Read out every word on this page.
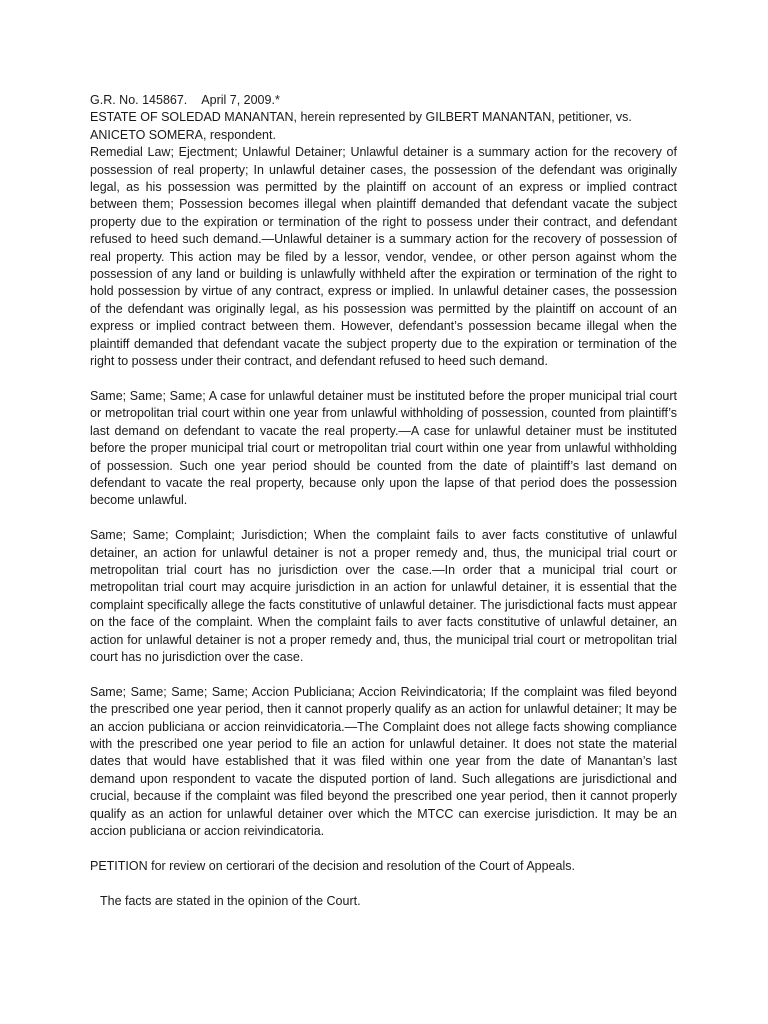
G.R. No. 145867. April 7, 2009.*

ESTATE OF SOLEDAD MANANTAN, herein represented by GILBERT MANANTAN, petitioner, vs. ANICETO SOMERA, respondent.

Remedial Law; Ejectment; Unlawful Detainer; Unlawful detainer is a summary action for the recovery of possession of real property; In unlawful detainer cases, the possession of the defendant was originally legal, as his possession was permitted by the plaintiff on account of an express or implied contract between them; Possession becomes illegal when plaintiff demanded that defendant vacate the subject property due to the expiration or termination of the right to possess under their contract, and defendant refused to heed such demand.—Unlawful detainer is a summary action for the recovery of possession of real property. This action may be filed by a lessor, vendor, vendee, or other person against whom the possession of any land or building is unlawfully withheld after the expiration or termination of the right to hold possession by virtue of any contract, express or implied. In unlawful detainer cases, the possession of the defendant was originally legal, as his possession was permitted by the plaintiff on account of an express or implied contract between them. However, defendant’s possession became illegal when the plaintiff demanded that defendant vacate the subject property due to the expiration or termination of the right to possess under their contract, and defendant refused to heed such demand.

Same; Same; Same; A case for unlawful detainer must be instituted before the proper municipal trial court or metropolitan trial court within one year from unlawful withholding of possession, counted from plaintiff’s last demand on defendant to vacate the real property.—A case for unlawful detainer must be instituted before the proper municipal trial court or metropolitan trial court within one year from unlawful withholding of possession. Such one year period should be counted from the date of plaintiff’s last demand on defendant to vacate the real property, because only upon the lapse of that period does the possession become unlawful.

Same; Same; Complaint; Jurisdiction; When the complaint fails to aver facts constitutive of unlawful detainer, an action for unlawful detainer is not a proper remedy and, thus, the municipal trial court or metropolitan trial court has no jurisdiction over the case.—In order that a municipal trial court or metropolitan trial court may acquire jurisdiction in an action for unlawful detainer, it is essential that the complaint specifically allege the facts constitutive of unlawful detainer. The jurisdictional facts must appear on the face of the complaint. When the complaint fails to aver facts constitutive of unlawful detainer, an action for unlawful detainer is not a proper remedy and, thus, the municipal trial court or metropolitan trial court has no jurisdiction over the case.

Same; Same; Same; Same; Accion Publiciana; Accion Reivindicatoria; If the complaint was filed beyond the prescribed one year period, then it cannot properly qualify as an action for unlawful detainer; It may be an accion publiciana or accion reinvidicatoria.—The Complaint does not allege facts showing compliance with the prescribed one year period to file an action for unlawful detainer. It does not state the material dates that would have established that it was filed within one year from the date of Manantan’s last demand upon respondent to vacate the disputed portion of land. Such allegations are jurisdictional and crucial, because if the complaint was filed beyond the prescribed one year period, then it cannot properly qualify as an action for unlawful detainer over which the MTCC can exercise jurisdiction. It may be an accion publiciana or accion reivindicatoria.

PETITION for review on certiorari of the decision and resolution of the Court of Appeals.

The facts are stated in the opinion of the Court.
